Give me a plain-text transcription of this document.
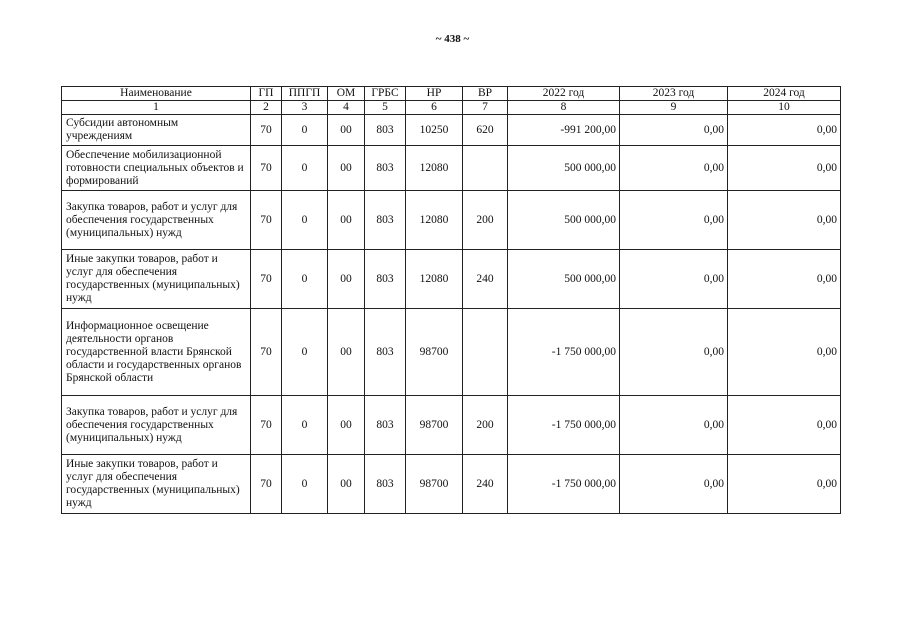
~ 438 ~
Наименование	ГП	ППГП	ОМ	ГРБС	НР	ВР	2022 год	2023 год	2024 год
1	2	3	4	5	6	7	8	9	10
Субсидии автономным учреждениям	70	0	00	803	10250	620	-991 200,00	0,00	0,00
Обеспечение мобилизационной готовности специальных объектов и формирований	70	0	00	803	12080		500 000,00	0,00	0,00
Закупка товаров, работ и услуг для обеспечения государственных (муниципальных) нужд	70	0	00	803	12080	200	500 000,00	0,00	0,00
Иные закупки товаров, работ и услуг для обеспечения государственных (муниципальных) нужд	70	0	00	803	12080	240	500 000,00	0,00	0,00
Информационное освещение деятельности органов государственной власти Брянской области и государственных органов Брянской области	70	0	00	803	98700		-1 750 000,00	0,00	0,00
Закупка товаров, работ и услуг для обеспечения государственных (муниципальных) нужд	70	0	00	803	98700	200	-1 750 000,00	0,00	0,00
Иные закупки товаров, работ и услуг для обеспечения государственных (муниципальных) нужд	70	0	00	803	98700	240	-1 750 000,00	0,00	0,00
